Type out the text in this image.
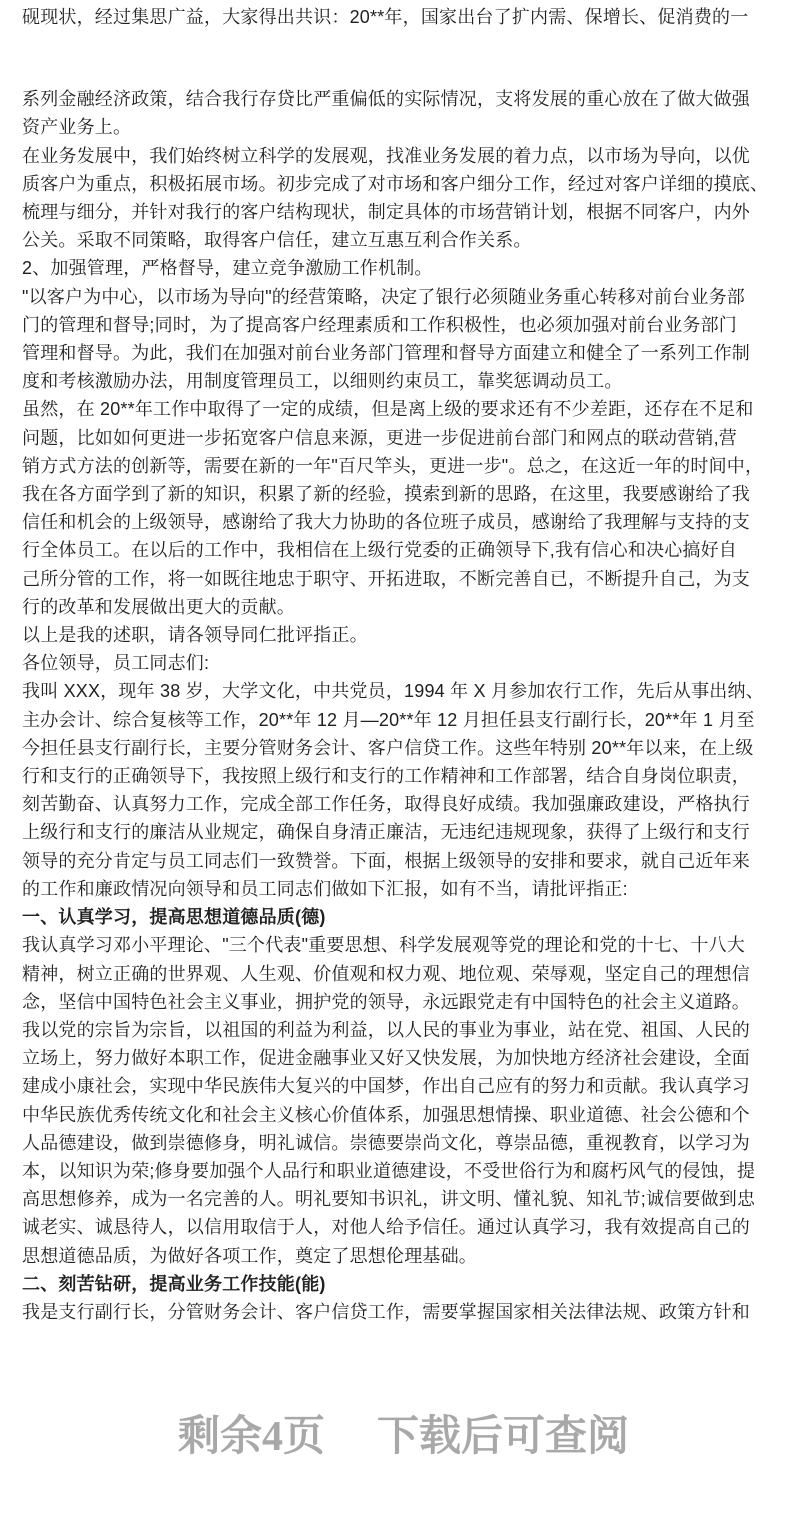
砚现状，经过集思广益，大家得出共识：20**年，国家出台了扩内需、保增长、促消费的一
系列金融经济政策，结合我行存贷比严重偏低的实际情况，支将发展的重心放在了做大做强
资产业务上。
在业务发展中，我们始终树立科学的发展观，找准业务发展的着力点，以市场为导向，以优
质客户为重点，积极拓展市场。初步完成了对市场和客户细分工作，经过对客户详细的摸底、
梳理与细分，并针对我行的客户结构现状，制定具体的市场营销计划，根据不同客户，内外
公关。采取不同策略，取得客户信任，建立互惠互利合作关系。
2、加强管理，严格督导，建立竞争激励工作机制。
"以客户为中心，以市场为导向"的经营策略，决定了银行必须随业务重心转移对前台业务部
门的管理和督导;同时，为了提高客户经理素质和工作积极性，也必须加强对前台业务部门
管理和督导。为此，我们在加强对前台业务部门管理和督导方面建立和健全了一系列工作制
度和考核激励办法，用制度管理员工，以细则约束员工，靠奖惩调动员工。
虽然，在 20**年工作中取得了一定的成绩，但是离上级的要求还有不少差距，还存在不足和
问题，比如如何更进一步拓宽客户信息来源，更进一步促进前台部门和网点的联动营销,营
销方式方法的创新等，需要在新的一年"百尺竿头，更进一步"。总之，在这近一年的时间中，
我在各方面学到了新的知识，积累了新的经验，摸索到新的思路，在这里，我要感谢给了我
信任和机会的上级领导，感谢给了我大力协助的各位班子成员，感谢给了我理解与支持的支
行全体员工。在以后的工作中，我相信在上级行党委的正确领导下,我有信心和决心搞好自
己所分管的工作，将一如既往地忠于职守、开拓进取，不断完善自已，不断提升自己，为支
行的改革和发展做出更大的贡献。
以上是我的述职，请各领导同仁批评指正。
各位领导，员工同志们:
我叫 XXX，现年 38 岁，大学文化，中共党员，1994 年 X 月参加农行工作，先后从事出纳、
主办会计、综合复核等工作，20**年 12 月—20**年 12 月担任县支行副行长，20**年 1 月至
今担任县支行副行长，主要分管财务会计、客户信贷工作。这些年特别 20**年以来，在上级
行和支行的正确领导下，我按照上级行和支行的工作精神和工作部署，结合自身岗位职责，
刻苦勤奋、认真努力工作，完成全部工作任务，取得良好成绩。我加强廉政建设，严格执行
上级行和支行的廉洁从业规定，确保自身清正廉洁，无违纪违规现象，获得了上级行和支行
领导的充分肯定与员工同志们一致赞誉。下面，根据上级领导的安排和要求，就自己近年来
的工作和廉政情况向领导和员工同志们做如下汇报，如有不当，请批评指正:
一、认真学习，提高思想道德品质(德)
我认真学习邓小平理论、"三个代表"重要思想、科学发展观等党的理论和党的十七、十八大
精神，树立正确的世界观、人生观、价值观和权力观、地位观、荣辱观，坚定自己的理想信
念，坚信中国特色社会主义事业，拥护党的领导，永远跟党走有中国特色的社会主义道路。
我以党的宗旨为宗旨，以祖国的利益为利益，以人民的事业为事业，站在党、祖国、人民的
立场上，努力做好本职工作，促进金融事业又好又快发展，为加快地方经济社会建设，全面
建成小康社会，实现中华民族伟大复兴的中国梦，作出自己应有的努力和贡献。我认真学习
中华民族优秀传统文化和社会主义核心价值体系，加强思想情操、职业道德、社会公德和个
人品德建设，做到崇德修身，明礼诚信。崇德要崇尚文化，尊崇品德，重视教育，以学习为
本，以知识为荣;修身要加强个人品行和职业道德建设，不受世俗行为和腐朽风气的侵蚀，提
高思想修养，成为一名完善的人。明礼要知书识礼，讲文明、懂礼貌、知礼节;诚信要做到忠
诚老实、诚恳待人，以信用取信于人，对他人给予信任。通过认真学习，我有效提高自己的
思想道德品质，为做好各项工作，奠定了思想伦理基础。
二、刻苦钻研，提高业务工作技能(能)
我是支行副行长，分管财务会计、客户信贷工作，需要掌握国家相关法律法规、政策方针和
剩余4页 下载后可查阅
